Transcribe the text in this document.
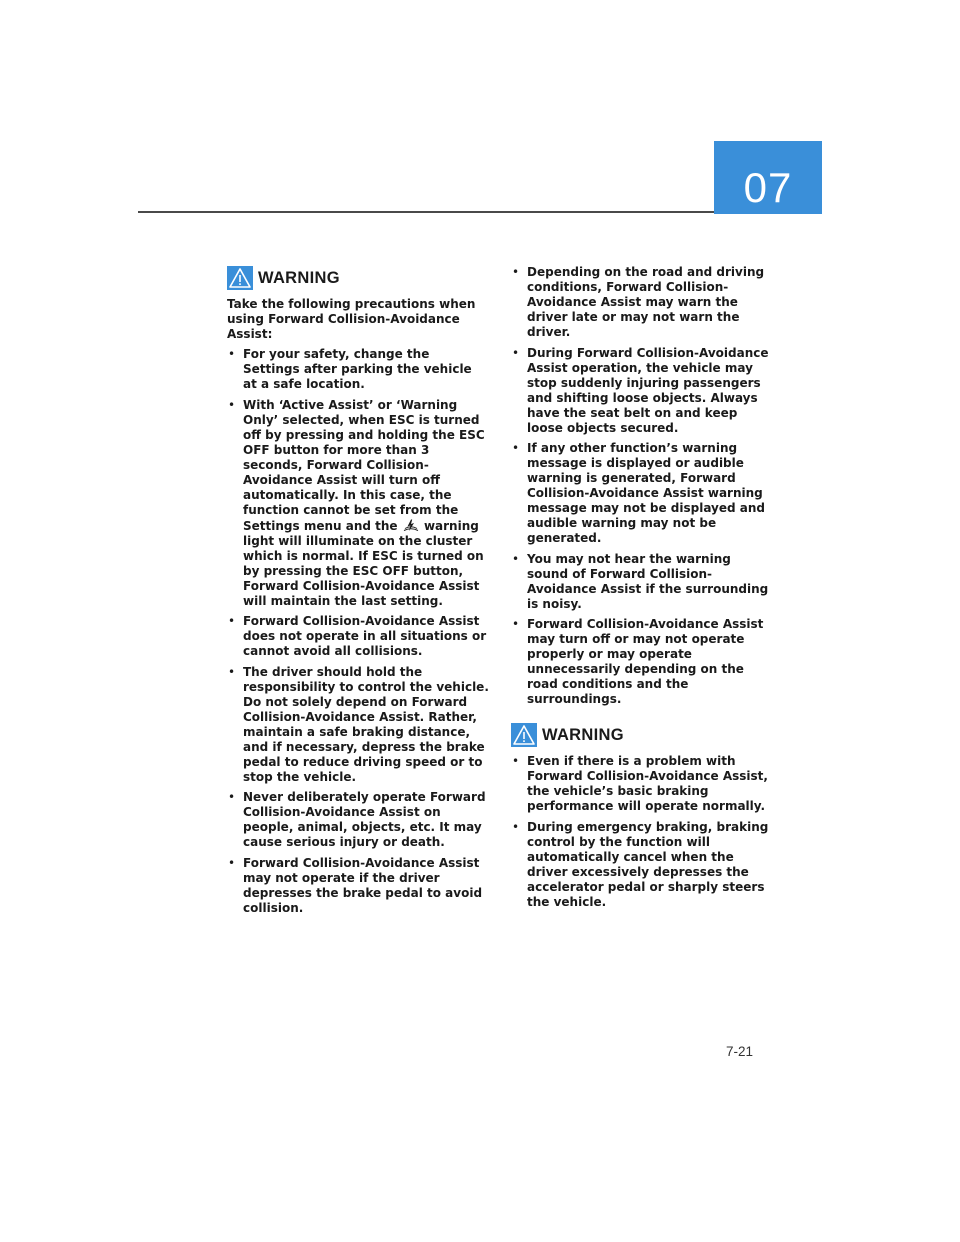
07
WARNING

Take the following precautions when using Forward Collision-Avoidance Assist:

• For your safety, change the Settings after parking the vehicle at a safe location.
• With ‘Active Assist’ or ‘Warning Only’ selected, when ESC is turned off by pressing and holding the ESC OFF button for more than 3 seconds, Forward Collision-Avoidance Assist will turn off automatically. In this case, the function cannot be set from the Settings menu and the warning light will illuminate on the cluster which is normal. If ESC is turned on by pressing the ESC OFF button, Forward Collision-Avoidance Assist will maintain the last setting.
• Forward Collision-Avoidance Assist does not operate in all situations or cannot avoid all collisions.
• The driver should hold the responsibility to control the vehicle. Do not solely depend on Forward Collision-Avoidance Assist. Rather, maintain a safe braking distance, and if necessary, depress the brake pedal to reduce driving speed or to stop the vehicle.
• Never deliberately operate Forward Collision-Avoidance Assist on people, animal, objects, etc. It may cause serious injury or death.
• Forward Collision-Avoidance Assist may not operate if the driver depresses the brake pedal to avoid collision.
• Depending on the road and driving conditions, Forward Collision-Avoidance Assist may warn the driver late or may not warn the driver.
• During Forward Collision-Avoidance Assist operation, the vehicle may stop suddenly injuring passengers and shifting loose objects. Always have the seat belt on and keep loose objects secured.
• If any other function’s warning message is displayed or audible warning is generated, Forward Collision-Avoidance Assist warning message may not be displayed and audible warning may not be generated.
• You may not hear the warning sound of Forward Collision-Avoidance Assist if the surrounding is noisy.
• Forward Collision-Avoidance Assist may turn off or may not operate properly or may operate unnecessarily depending on the road conditions and the surroundings.
WARNING
• Even if there is a problem with Forward Collision-Avoidance Assist, the vehicle’s basic braking performance will operate normally.
• During emergency braking, braking control by the function will automatically cancel when the driver excessively depresses the accelerator pedal or sharply steers the vehicle.
7-21
